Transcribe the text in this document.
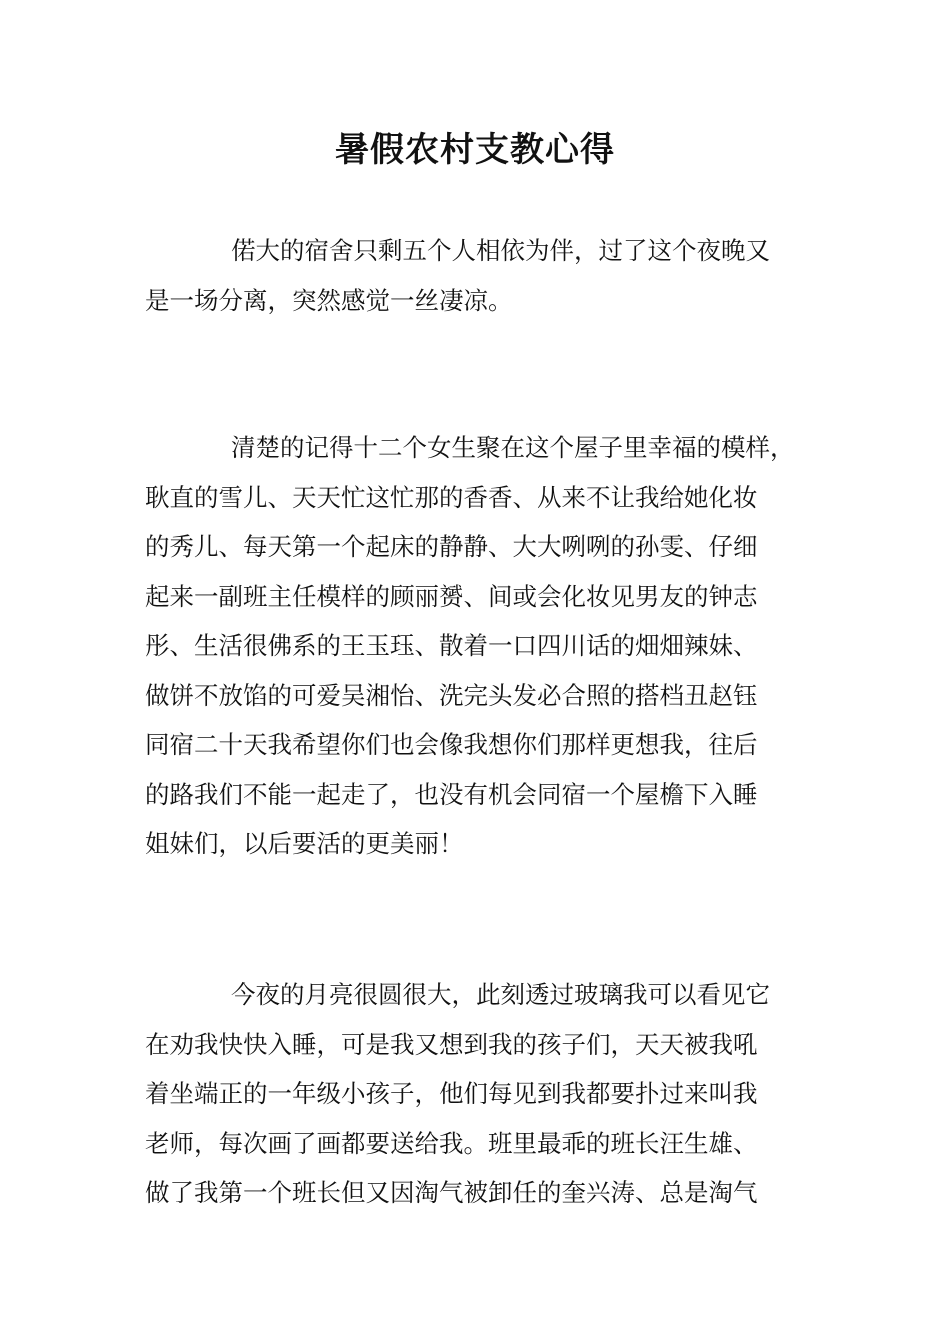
暑假农村支教心得
偌大的宿舍只剩五个人相依为伴，过了这个夜晚又
是一场分离，突然感觉一丝凄凉。
清楚的记得十二个女生聚在这个屋子里幸福的模样，
耿直的雪儿、天天忙这忙那的香香、从来不让我给她化妆
的秀儿、每天第一个起床的静静、大大咧咧的孙雯、仔细
起来一副班主任模样的顾丽赟、间或会化妆见男友的钟志
彤、生活很佛系的王玉珏、散着一口四川话的畑畑辣妹、
做饼不放馅的可爱吴湘怡、洗完头发必合照的搭档丑赵钰
同宿二十天我希望你们也会像我想你们那样更想我，往后
的路我们不能一起走了，也没有机会同宿一个屋檐下入睡
姐妹们，以后要活的更美丽！
今夜的月亮很圆很大，此刻透过玻璃我可以看见它
在劝我快快入睡，可是我又想到我的孩子们，天天被我吼
着坐端正的一年级小孩子，他们每见到我都要扑过来叫我
老师，每次画了画都要送给我。班里最乖的班长汪生雄、
做了我第一个班长但又因淘气被卸任的奎兴涛、总是淘气
